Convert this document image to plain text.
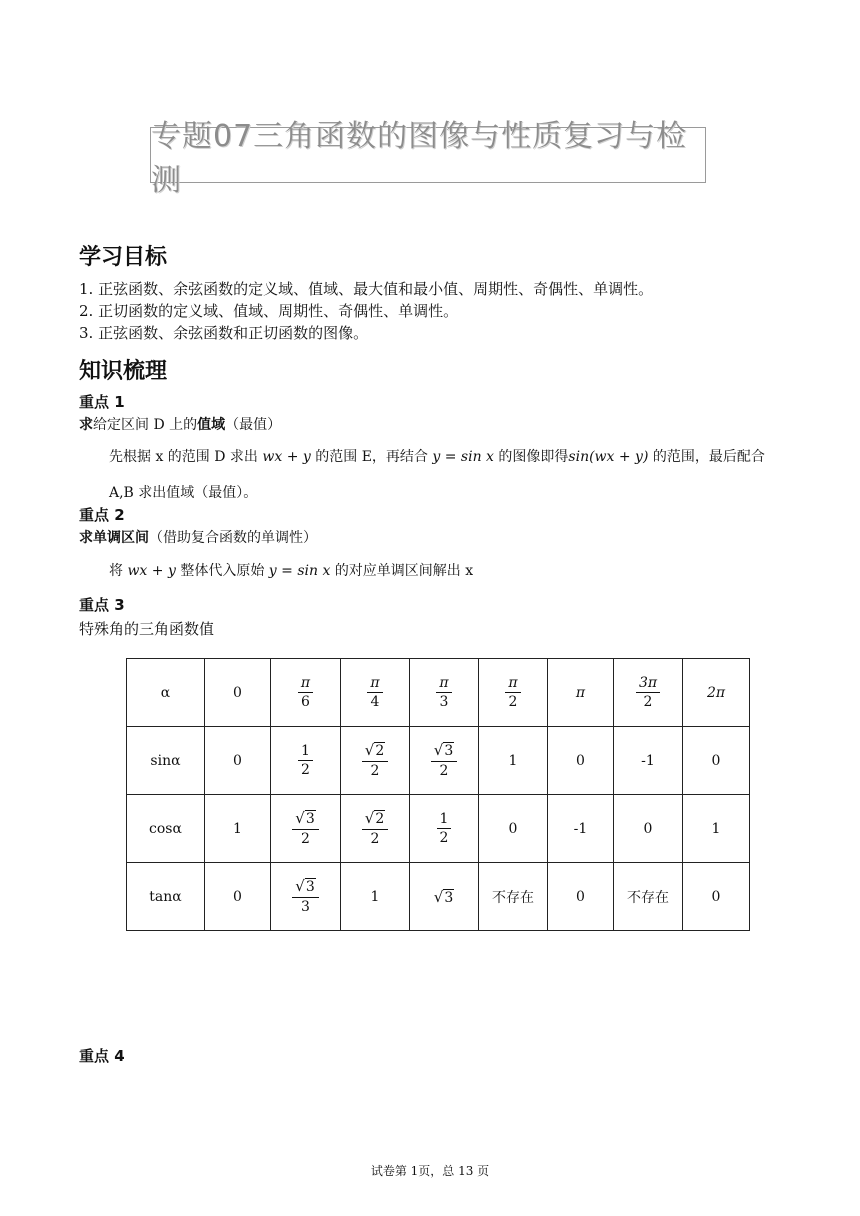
专题07三角函数的图像与性质复习与检测
学习目标
1. 正弦函数、余弦函数的定义域、值域、最大值和最小值、周期性、奇偶性、单调性。
2. 正切函数的定义域、值域、周期性、奇偶性、单调性。
3. 正弦函数、余弦函数和正切函数的图像。
知识梳理
重点 1
求给定区间 D 上的值域（最值）
先根据 x 的范围 D 求出 wx + y 的范围 E，再结合 y = sin x 的图像即得sin(wx + y) 的范围，最后配合
A,B 求出值域（最值）。
重点 2
求单调区间（借助复合函数的单调性）
将 wx + y 整体代入原始 y = sin x 的对应单调区间解出 x
重点 3
特殊角的三角函数值
α	0	$\frac{\pi}{6}$	$\frac{\pi}{4}$	$\frac{\pi}{3}$	$\frac{\pi}{2}$	π	$\frac{3\pi}{2}$	2π
sinα	0	$\frac{1}{2}$	$\frac{√ 2}{2}$	$\frac{√ 3}{2}$	1	0	-1	0
cosα	1	$\frac{√ 3}{2}$	$\frac{√ 2}{2}$	$\frac{1}{2}$	0	-1	0	1
tanα	0	$\frac{√ 3}{3}$	1	√ 3	不存在	0	不存在	0
重点 4
试卷第 1页，总 13 页
